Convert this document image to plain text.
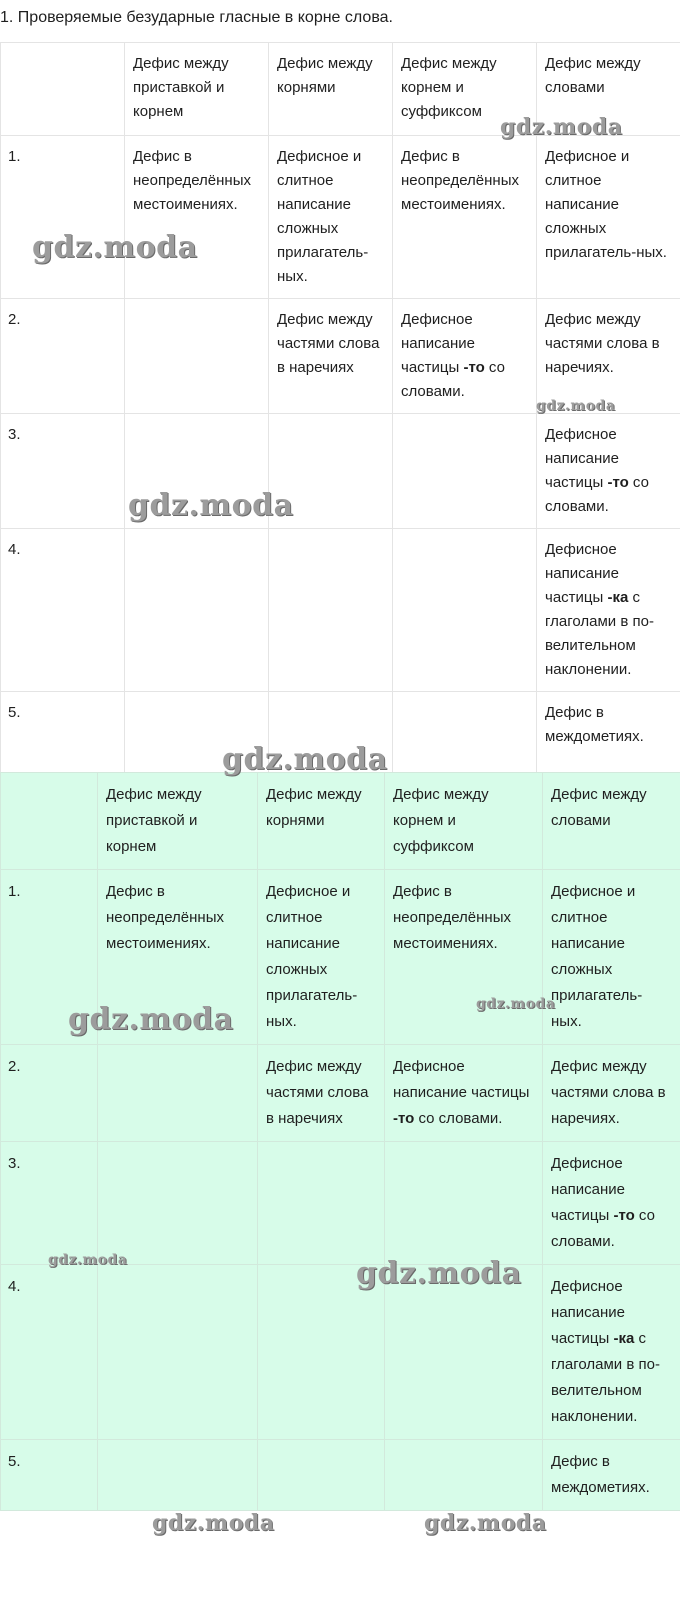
1. Проверяемые безударные гласные в корне слова.
	Дефис между приставкой и корнем	Дефис между корнями	Дефис между корнем и суффиксом	Дефис между словами
1.	Дефис в неопределённых местоимениях.	Дефисное и слитное написание сложных прилагатель-ных.	Дефис в неопределённых местоимениях.	Дефисное и слитное написание сложных прилагатель-ных.
2.		Дефис между частями слова в наречиях	Дефисное написание частицы -то со словами.	Дефис между частями слова в наречиях.
3.				Дефисное написание частицы -то со словами.
4.				Дефисное написание частицы -ка с глаголами в по-велительном наклонении.
5.				Дефис в междометиях.
	Дефис между приставкой и корнем	Дефис между корнями	Дефис между корнем и суффиксом	Дефис между словами
1.	Дефис в неопределённых местоимениях.	Дефисное и слитное написание сложных прилагатель-ных.	Дефис в неопределённых местоимениях.	Дефисное и слитное написание сложных прилагатель-ных.
2.		Дефис между частями слова в наречиях	Дефисное написание частицы -то со словами.	Дефис между частями слова в наречиях.
3.				Дефисное написание частицы -то со словами.
4.				Дефисное написание частицы -ка с глаголами в по-велительном наклонении.
5.				Дефис в междометиях.
gdz.moda
gdz.moda
gdz.moda
gdz.moda
gdz.moda
gdz.moda	gdz.moda
gdz.moda	gdz.moda
gdz.moda	gdz.moda
